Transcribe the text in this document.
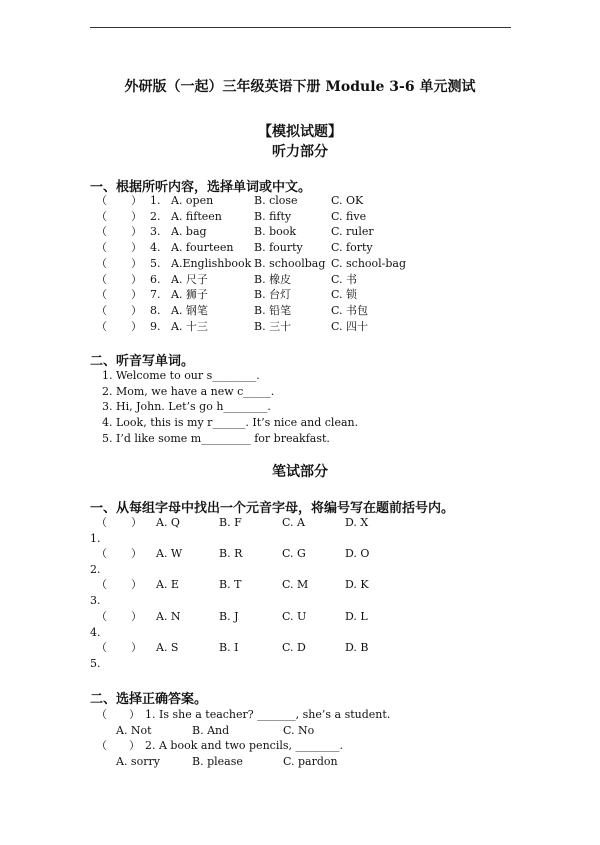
外研版（一起）三年级英语下册 Module 3-6 单元测试
【模拟试题】
听力部分
一、根据所听内容，选择单词或中文。
（ ） 1. A. open	B. close	C. OK
（ ） 2. A. fifteen	B. fifty	C. five
（ ） 3. A. bag	B. book	C. ruler
（ ） 4. A. fourteen B. fourty	C. forty
（ ） 5. A.Englishbook B. schoolbag C. school-bag
（ ） 6. A. 尺子	B. 橡皮	C. 书
（ ） 7. A. 狮子	B. 台灯	C. 锁
（ ） 8. A. 钢笔	B. 铅笔	C. 书包
（ ） 9. A. 十三	B. 三十	C. 四十
二、听音写单词。
1. Welcome to our s________.
2. Mom, we have a new c_____.
3. Hi, John. Let’s go h________.
4. Look, this is my r______. It’s nice and clean.
5. I’d like some m_________ for breakfast.
笔试部分
一、从每组字母中找出一个元音字母，将编号写在题前括号内。
（ ） A. Q	B. F	C. A	D. X
1.
（ ） A. W	B. R	C. G	D. O
2.
（ ） A. E	B. T	C. M	D. K
3.
（ ） A. N	B. J	C. U	D. L
4.
（ ） A. S	B. I	C. D	D. B
5.
二、选择正确答案。
（ ） 1. Is she a teacher? _______, she’s a student.
A. Not	B. And	C. No
（ ） 2. A book and two pencils, ________.
A. sorry	B. please	C. pardon
